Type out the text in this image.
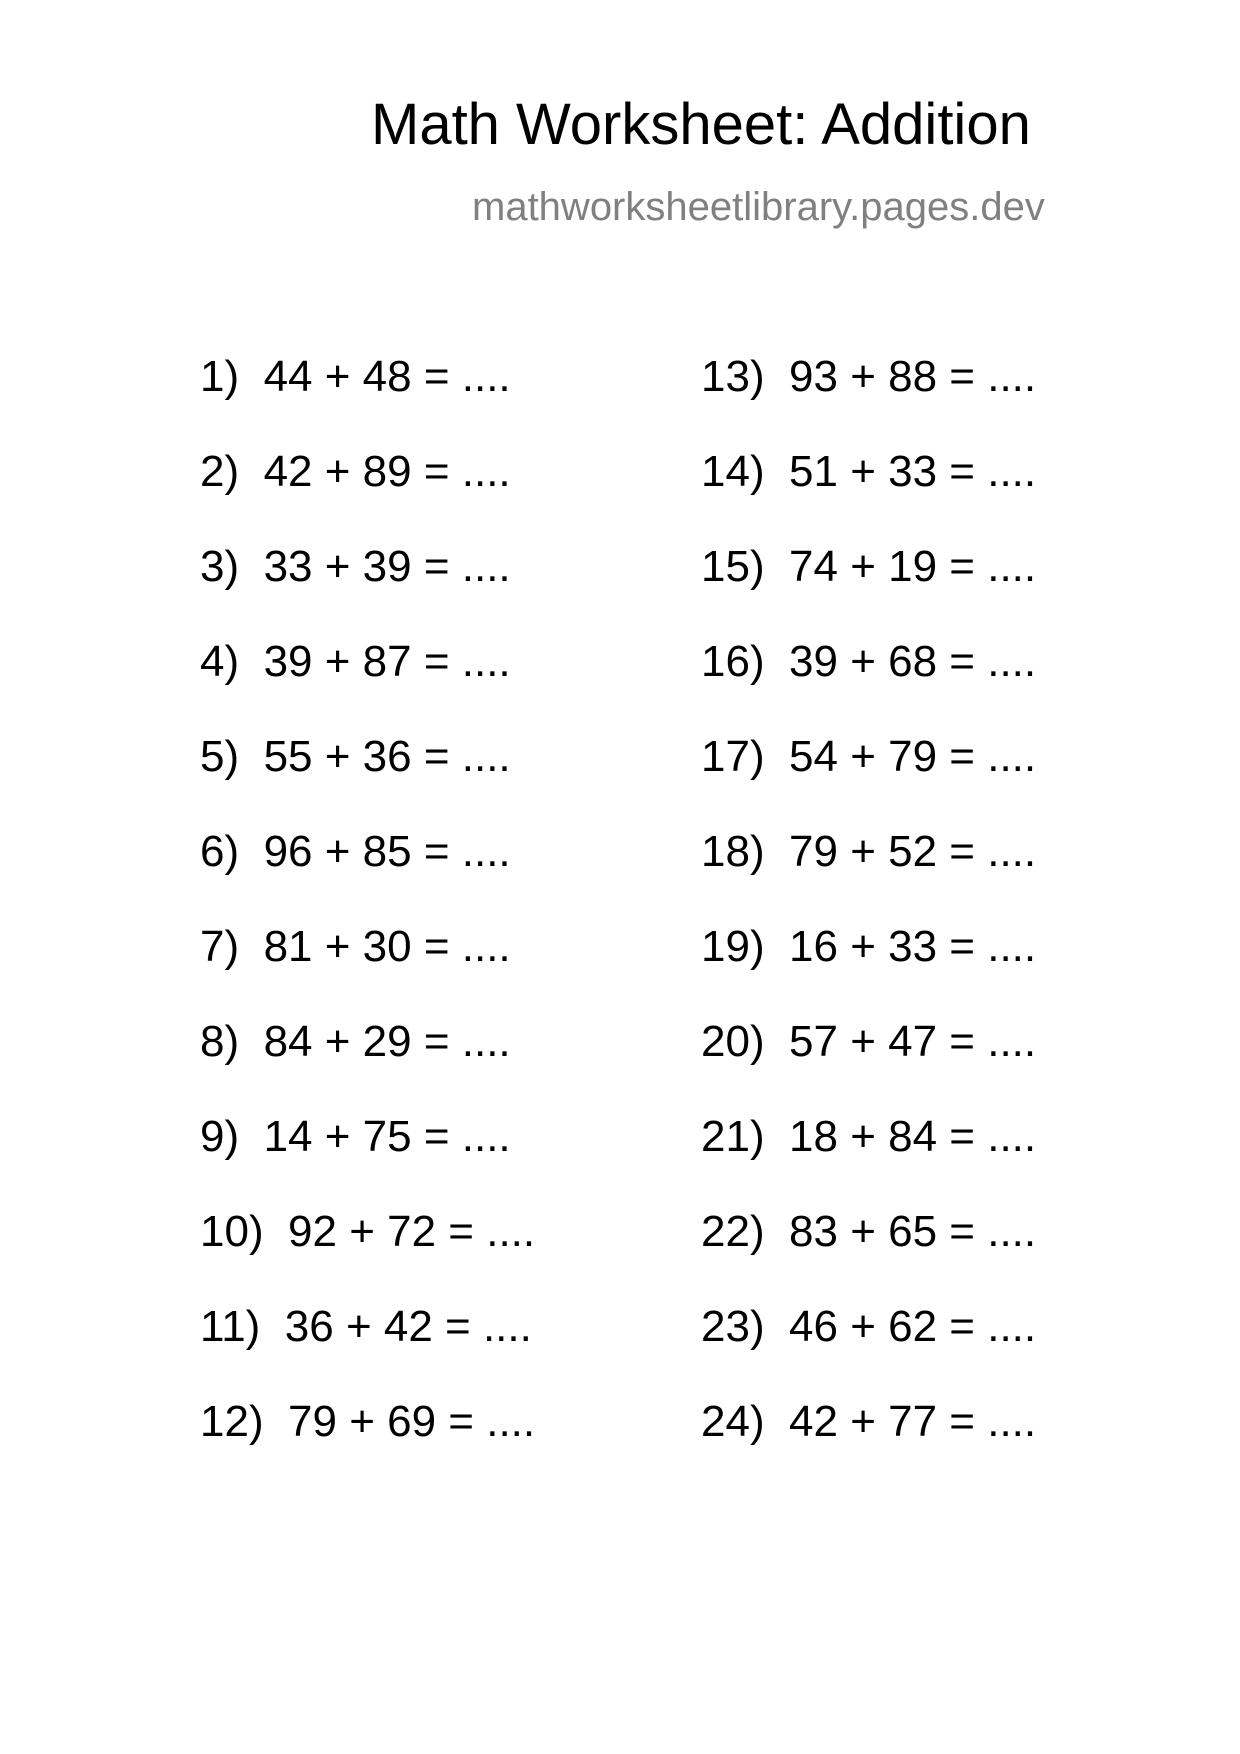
Math Worksheet: Addition
mathworksheetlibrary.pages.dev
1)  44 + 48 = ....
2)  42 + 89 = ....
3)  33 + 39 = ....
4)  39 + 87 = ....
5)  55 + 36 = ....
6)  96 + 85 = ....
7)  81 + 30 = ....
8)  84 + 29 = ....
9)  14 + 75 = ....
10)  92 + 72 = ....
11)  36 + 42 = ....
12)  79 + 69 = ....
13)  93 + 88 = ....
14)  51 + 33 = ....
15)  74 + 19 = ....
16)  39 + 68 = ....
17)  54 + 79 = ....
18)  79 + 52 = ....
19)  16 + 33 = ....
20)  57 + 47 = ....
21)  18 + 84 = ....
22)  83 + 65 = ....
23)  46 + 62 = ....
24)  42 + 77 = ....
